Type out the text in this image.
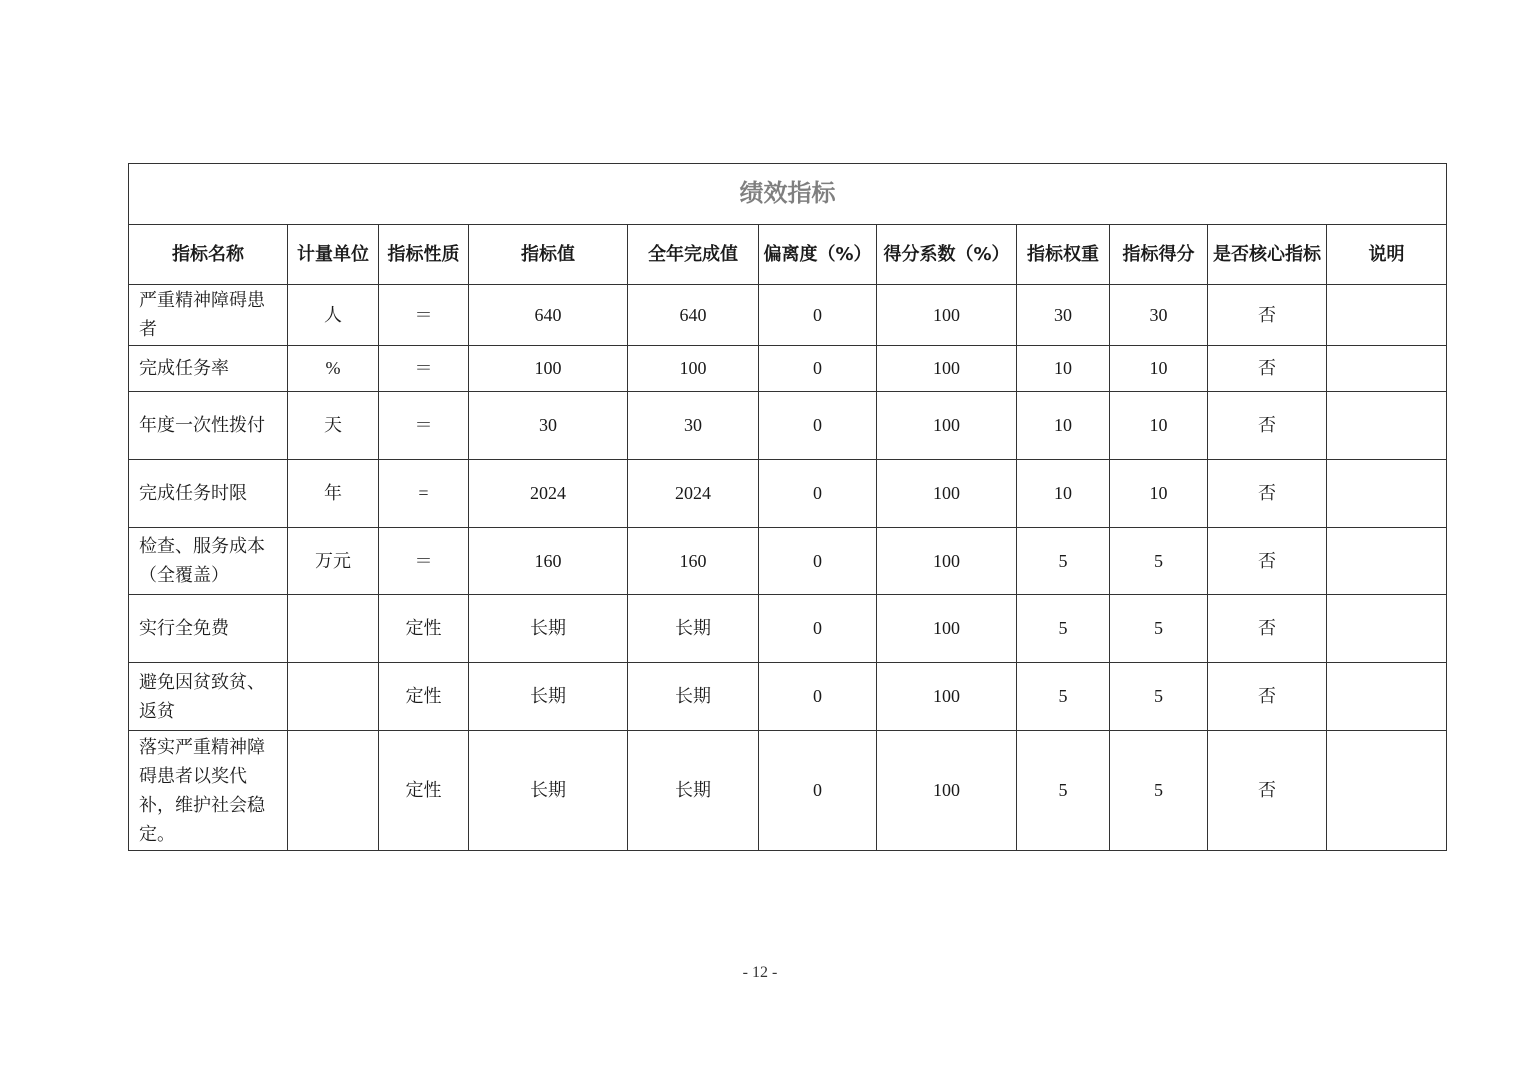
绩效指标										
指标名称	计量单位	指标性质	指标值	全年完成值	偏离度（%）	得分系数（%）	指标权重	指标得分	是否核心指标	说明
严重精神障碍患者	人	＝	640	640	0	100	30	30	否	
完成任务率	%	＝	100	100	0	100	10	10	否	
年度一次性拨付	天	＝	30	30	0	100	10	10	否	
完成任务时限	年	=	2024	2024	0	100	10	10	否	
检查、服务成本（全覆盖）	万元	＝	160	160	0	100	5	5	否	
实行全免费		定性	长期	长期	0	100	5	5	否	
避免因贫致贫、返贫		定性	长期	长期	0	100	5	5	否	
落实严重精神障碍患者以奖代补，维护社会稳定。		定性	长期	长期	0	100	5	5	否	
- 12 -
